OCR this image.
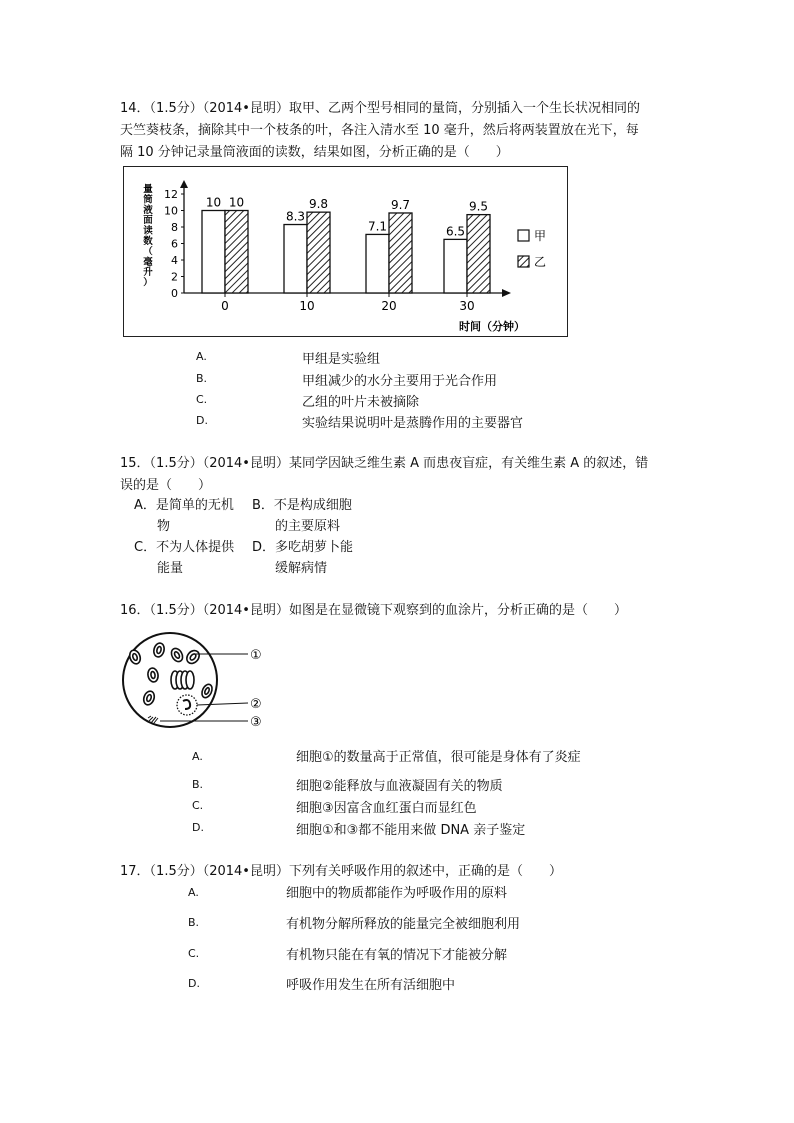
14．（1.5分）（2014•昆明）取甲、乙两个型号相同的量筒，分别插入一个生长状况相同的
天竺葵枝条，摘除其中一个枝条的叶，各注入清水至 10 毫升，然后将两装置放在光下，每
隔 10 分钟记录量筒液面的读数，结果如图，分析正确的是（　　）
量
筒
液
面
读
数
（
毫
升
）
0
2
4
6
8
10
12
10 10
0
8.3
9.8
10
7.1
9.7
20
6.5
9.5
30
甲
乙
时间（分钟）
A.	甲组是实验组
B.	甲组减少的水分主要用于光合作用
C.	乙组的叶片未被摘除
D.	实验结果说明叶是蒸腾作用的主要器官
15．（1.5分）（2014•昆明）某同学因缺乏维生素 A 而患夜盲症，有关维生素 A 的叙述，错
误的是（　　）
A．是简单的无机
物
B．不是构成细胞
的主要原料
C．不为人体提供
能量
D．多吃胡萝卜能
缓解病情
16．（1.5分）（2014•昆明）如图是在显微镜下观察到的血涂片，分析正确的是（　　）
①
②
③
A.	细胞①的数量高于正常值，很可能是身体有了炎症
B.	细胞②能释放与血液凝固有关的物质
C.	细胞③因富含血红蛋白而显红色
D.	细胞①和③都不能用来做 DNA 亲子鉴定
17．（1.5分）（2014•昆明）下列有关呼吸作用的叙述中，正确的是（　　）
A.	细胞中的物质都能作为呼吸作用的原料
B.	有机物分解所释放的能量完全被细胞利用
C.	有机物只能在有氧的情况下才能被分解
D.	呼吸作用发生在所有活细胞中
